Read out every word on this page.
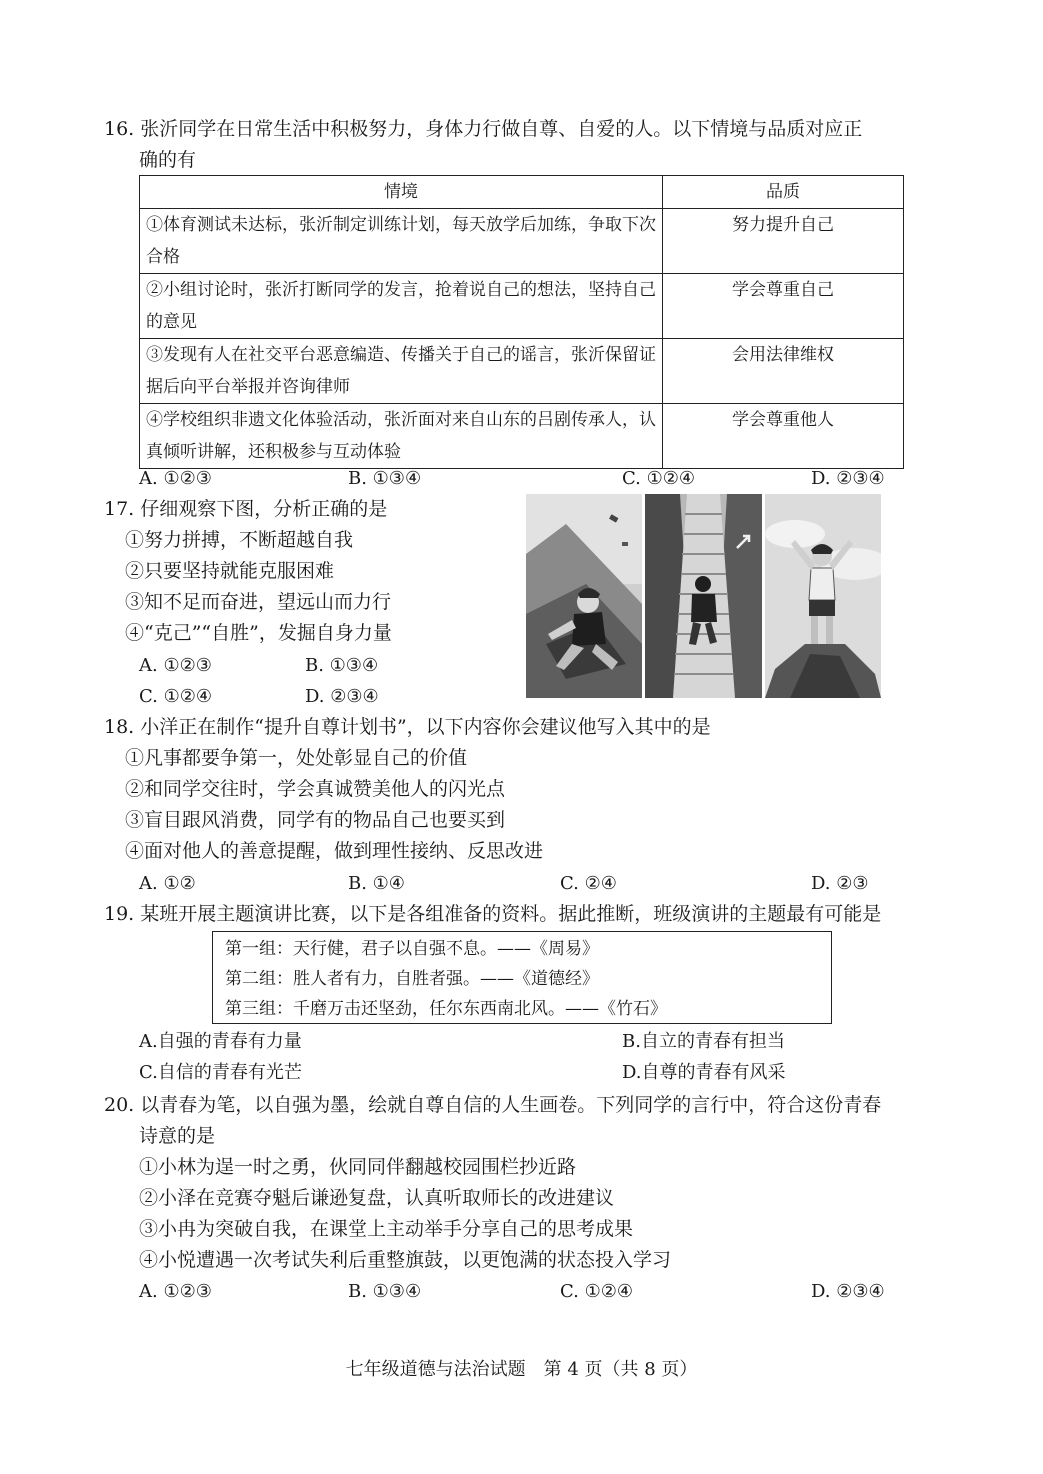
16. 张沂同学在日常生活中积极努力，身体力行做自尊、自爱的人。以下情境与品质对应正
确的有
情境	品质
①体育测试未达标，张沂制定训练计划，每天放学后加练，争取下次合格	努力提升自己
②小组讨论时，张沂打断同学的发言，抢着说自己的想法，坚持自己的意见	学会尊重自己
③发现有人在社交平台恶意编造、传播关于自己的谣言，张沂保留证据后向平台举报并咨询律师	会用法律维权
④学校组织非遗文化体验活动，张沂面对来自山东的吕剧传承人，认真倾听讲解，还积极参与互动体验	学会尊重他人
A. ①②③	B. ①③④	C. ①②④	D. ②③④
17. 仔细观察下图，分析正确的是
①努力拼搏，不断超越自我
②只要坚持就能克服困难
③知不足而奋进，望远山而力行
④“克己”“自胜”，发掘自身力量
A. ①②③	B. ①③④
C. ①②④	D. ②③④
18. 小洋正在制作“提升自尊计划书”，以下内容你会建议他写入其中的是
①凡事都要争第一，处处彰显自己的价值
②和同学交往时，学会真诚赞美他人的闪光点
③盲目跟风消费，同学有的物品自己也要买到
④面对他人的善意提醒，做到理性接纳、反思改进
A. ①②	B. ①④	C. ②④	D. ②③
19. 某班开展主题演讲比赛，以下是各组准备的资料。据此推断，班级演讲的主题最有可能是
第一组：天行健，君子以自强不息。——《周易》
第二组：胜人者有力，自胜者强。——《道德经》
第三组：千磨万击还坚劲，任尔东西南北风。——《竹石》
A.自强的青春有力量	B.自立的青春有担当
C.自信的青春有光芒	D.自尊的青春有风采
20. 以青春为笔，以自强为墨，绘就自尊自信的人生画卷。下列同学的言行中，符合这份青春
诗意的是
①小林为逞一时之勇，伙同同伴翻越校园围栏抄近路
②小泽在竞赛夺魁后谦逊复盘，认真听取师长的改进建议
③小冉为突破自我，在课堂上主动举手分享自己的思考成果
④小悦遭遇一次考试失利后重整旗鼓，以更饱满的状态投入学习
A. ①②③	B. ①③④	C. ①②④	D. ②③④
七年级道德与法治试题　第 4 页（共 8 页）
